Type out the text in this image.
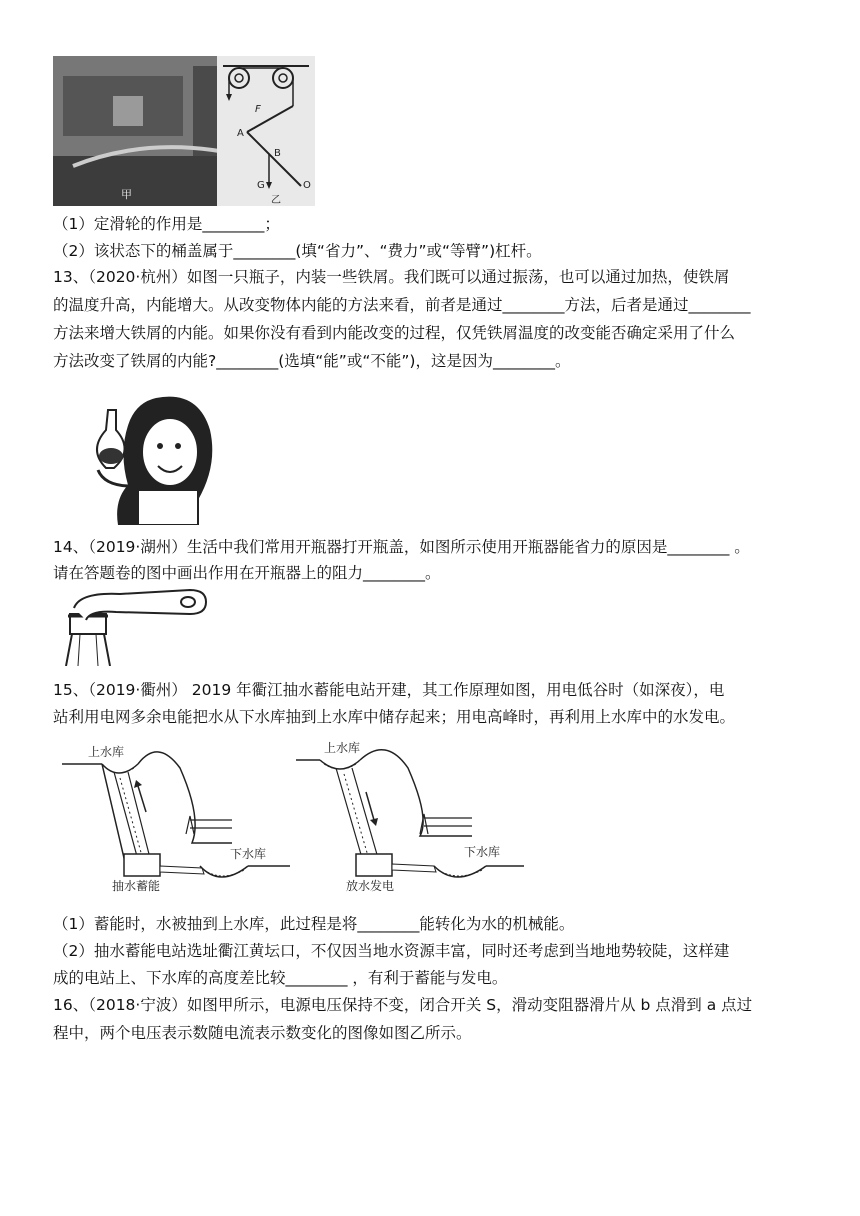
甲
F
A
B
G	O
乙
（1）定滑轮的作用是________；
（2）该状态下的桶盖属于________(填“省力”、“费力”或“等臂”)杠杆。
13、（2020·杭州）如图一只瓶子，内装一些铁屑。我们既可以通过振荡，也可以通过加热，使铁屑
的温度升高，内能增大。从改变物体内能的方法来看，前者是通过________方法，后者是通过________
方法来增大铁屑的内能。如果你没有看到内能改变的过程，仅凭铁屑温度的改变能否确定采用了什么
方法改变了铁屑的内能?________(选填“能”或“不能”)，这是因为________。
14、（2019·湖州）生活中我们常用开瓶器打开瓶盖，如图所示使用开瓶器能省力的原因是________ 。
请在答题卷的图中画出作用在开瓶器上的阻力________。
15、（2019·衢州） 2019 年衢江抽水蓄能电站开建，其工作原理如图，用电低谷时（如深夜），电
站利用电网多余电能把水从下水库抽到上水库中储存起来；用电高峰时，再利用上水库中的水发电。
上水库
下水库
抽水蓄能
上水库
下水库
放水发电
（1）蓄能时，水被抽到上水库，此过程是将________能转化为水的机械能。
（2）抽水蓄能电站选址衢江黄坛口，不仅因当地水资源丰富，同时还考虑到当地地势较陡，这样建
成的电站上、下水库的高度差比较________ ，有利于蓄能与发电。
16、（2018·宁波）如图甲所示，电源电压保持不变，闭合开关 S，滑动变阻器滑片从 b 点滑到 a 点过
程中，两个电压表示数随电流表示数变化的图像如图乙所示。
